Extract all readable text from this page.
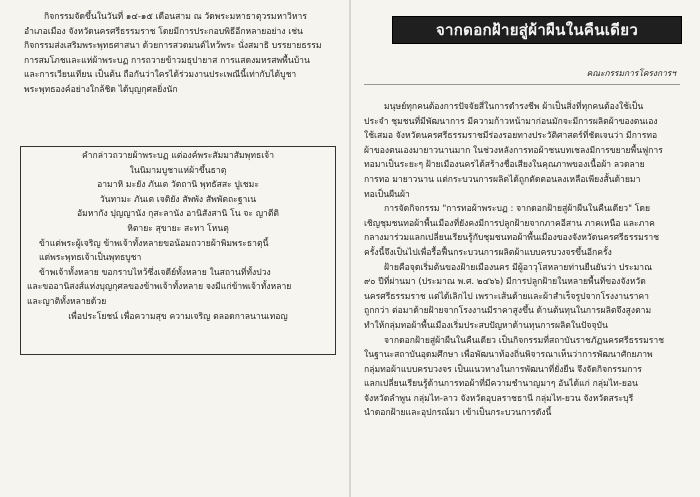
กิจกรรมจัดขึ้นในวันที่ ๑๔-๑๕ เดือนสาม ณ วัดพระมหาธาตุวรมหาวิหาร
อำเภอเมือง จังหวัดนครศรีธรรมราช โดยมีการประกอบพิธีอีกหลายอย่าง เช่น
กิจกรรมส่งเสริมพระพุทธศาสนา ด้วยการสวดมนต์ไหว้พระ นั่งสมาธิ บรรยายธรรม
การสมโภชและแห่ผ้าพระบฏ การถวายข้าวมธุปายาส การแสดงมหรสพพื้นบ้าน
และการเวียนเทียน เป็นต้น ถือกันว่าใครได้ร่วมงานประเพณีนี้เท่ากับได้บูชา
พระพุทธองค์อย่างใกล้ชิด ได้บุญกุศลยิ่งนัก
คำกล่าวถวายผ้าพระบฏ แต่องค์พระสัมมาสัมพุทธเจ้า
ในนิมามบูชาแห่ผ้าขึ้นธาตุ
อามาหิ มะยัง ภันเต วัตถานิ พุทธัสสะ ปูเชมะ
วันทามะ ภันเต เจติยัง สัพพัง สัพพัตถะฐาเน
อัมหากัง ปุญญานัง กุสะลานัง อานิสังสานิ โน จะ ญาตีติ
หิตายะ สุขายะ สะทา โหนตุ
ข้าแต่พระผู้เจริญ ข้าพเจ้าทั้งหลายขอน้อมถวายผ้าพิมพระธาตุนี้
แด่พระพุทธเจ้าเป็นพุทธบูชา
ข้าพเจ้าทั้งหลาย ขอกราบไหว้ซึ่งเจดีย์ทั้งหลาย ในสถานที่ทั้งปวง
และขออานิสงส์แห่งบุญกุศลของข้าพเจ้าทั้งหลาย จงมีแก่ข้าพเจ้าทั้งหลาย
และญาติทั้งหลายด้วย
เพื่อประโยชน์ เพื่อความสุข ความเจริญ ตลอดกาลนานเทอญ
จากดอกฝ้ายสู่ผ้าผืนในคืนเดียว
คณะกรรมการโครงการฯ
มนุษย์ทุกคนต้องการปัจจัยสี่ในการดำรงชีพ ผ้าเป็นสิ่งที่ทุกคนต้องใช้เป็น
ประจำ ชุมชนที่มีพัฒนาการ มีความก้าวหน้ามาก่อนมักจะมีการผลิตผ้าของตนเอง
ใช้เสมอ จังหวัดนครศรีธรรมราชมีร่องรอยทางประวัติศาสตร์ที่ชัดเจนว่า มีการทอ
ผ้าของตนเองมายาวนานมาก ในช่วงหลังการทอผ้าชนบทเชลงมีการขยายพื้นฟูการ
ทอมาเป็นระยะๆ ฝ้ายเมืองนครได้สร้างชื่อเสียงในคุณภาพของเนื้อผ้า ลวดลาย
การทอ มายาวนาน แต่กระบวนการผลิตได้ถูกตัดตอนลงเหลือเพียงสั้นด้ายมา
ทอเป็นผืนผ้า
การจัดกิจกรรม "การทอผ้าพระบฏ : จากดอกฝ้ายสู่ผ้าผืนในคืนเดียว" โดย
เชิญชุมชนทอผ้าพื้นเมืองที่ยังคงมีการปลูกฝ้ายจากภาคอีสาน ภาคเหนือ และภาค
กลางมาร่วมแลกเปลี่ยนเรียนรู้กับชุมชนทอผ้าพื้นเมืองของจังหวัดนครศรีธรรมราช
ครั้งนี้จึงเป็นไปเพื่อรื้อฟื้นกระบวนการผลิตผ้าแบบครบวงจรขึ้นอีกครั้ง
ฝ้ายคือจุดเริ่มต้นของฝ้ายเมืองนคร มีผู้อาวุโสหลายท่านยืนยันว่า ประมาณ
๙๐ ปีที่ผ่านมา (ประมาณ พ.ศ. ๒๔๖๖) มีการปลูกฝ้ายในหลายพื้นที่ของจังหวัด
นครศรีธรรมราช แต่ได้เลิกไป เพราะเส้นด้ายและผ้าสำเร็จรูปจากโรงงานราคา
ถูกกว่า ต่อมาด้ายฝ้ายจากโรงงานมีราคาสูงขึ้น ด้านต้นทุนในการผลิตจึงสูงตาม
ทำให้กลุ่มทอผ้าพื้นเมืองเริ่มประสบปัญหาด้านทุนการผลิตในปัจจุบัน
จากดอกฝ้ายสู่ผ้าผืนในคืนเดียว เป็นกิจกรรมที่สถาบันราชภัฏนครศรีธรรมราช
ในฐานะสถาบันอุดมศึกษา เพื่อพัฒนาท้องถิ่นพิจารณาเห็นว่าการพัฒนาศักยภาพ
กลุ่มทอผ้าแบบครบวงจร เป็นแนวทางในการพัฒนาที่ยั่งยืน จึงจัดกิจกรรมการ
แลกเปลี่ยนเรียนรู้ด้านการทอผ้าที่มีความชำนาญมาๆ อันได้แก่ กลุ่มไท-ยอน
จังหวัดลำพูน กลุ่มไท-ลาว จังหวัดอุบลราชธานี กลุ่มไท-ยวน จังหวัดสระบุรี
นำดอกฝ้ายและอุปกรณ์มา เข้าเป็นกระบวนการดังนี้
